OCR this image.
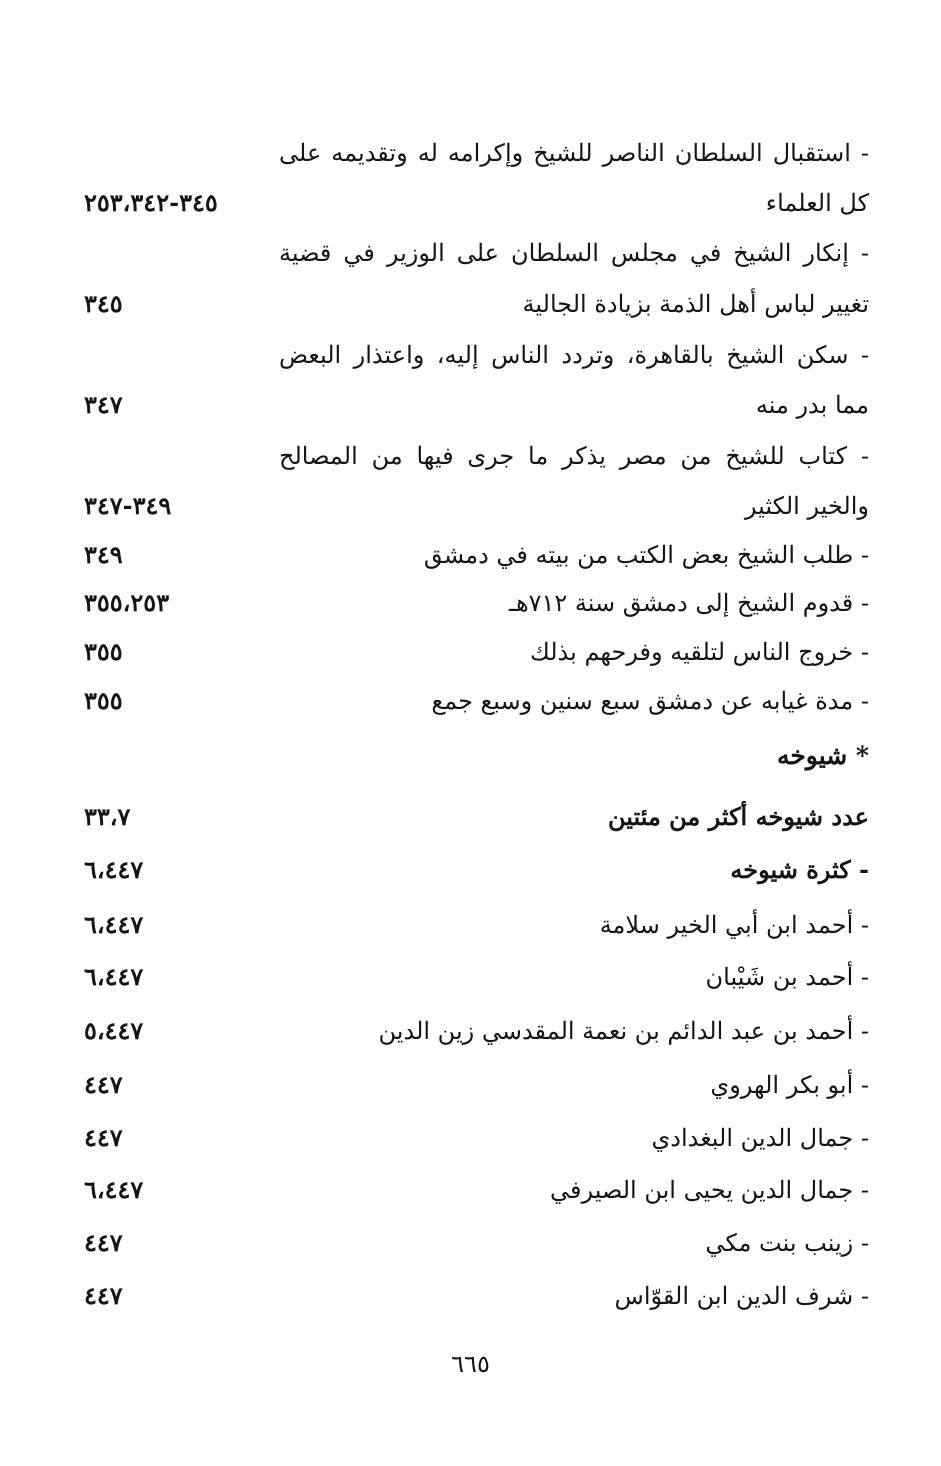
- استقبال السلطان الناصر للشيخ وإكرامه له وتقديمه على
كل العلماء
٣٤٥-٢٥٣،٣٤٢
- إنكار الشيخ في مجلس السلطان على الوزير في قضية
تغيير لباس أهل الذمة بزيادة الجالية
٣٤٥
- سكن الشيخ بالقاهرة، وتردد الناس إليه، واعتذار البعض
مما بدر منه
٣٤٧
- كتاب للشيخ من مصر يذكر ما جرى فيها من المصالح
والخير الكثير
٣٤٩-٣٤٧
- طلب الشيخ بعض الكتب من بيته في دمشق
٣٤٩
- قدوم الشيخ إلى دمشق سنة ٧١٢هـ
٣٥٥،٢٥٣
- خروج الناس لتلقيه وفرحهم بذلك
٣٥٥
- مدة غيابه عن دمشق سبع سنين وسبع جمع
٣٥٥
* شيوخه
عدد شيوخه أكثر من مئتين
٣٣،٧
- كثرة شيوخه
٦،٤٤٧
- أحمد ابن أبي الخير سلامة
٦،٤٤٧
- أحمد بن شَيْبان
٦،٤٤٧
- أحمد بن عبد الدائم بن نعمة المقدسي زين الدين
٥،٤٤٧
- أبو بكر الهروي
٤٤٧
- جمال الدين البغدادي
٤٤٧
- جمال الدين يحيى ابن الصيرفي
٦،٤٤٧
- زينب بنت مكي
٤٤٧
- شرف الدين ابن القوّاس
٤٤٧
٦٦٥
